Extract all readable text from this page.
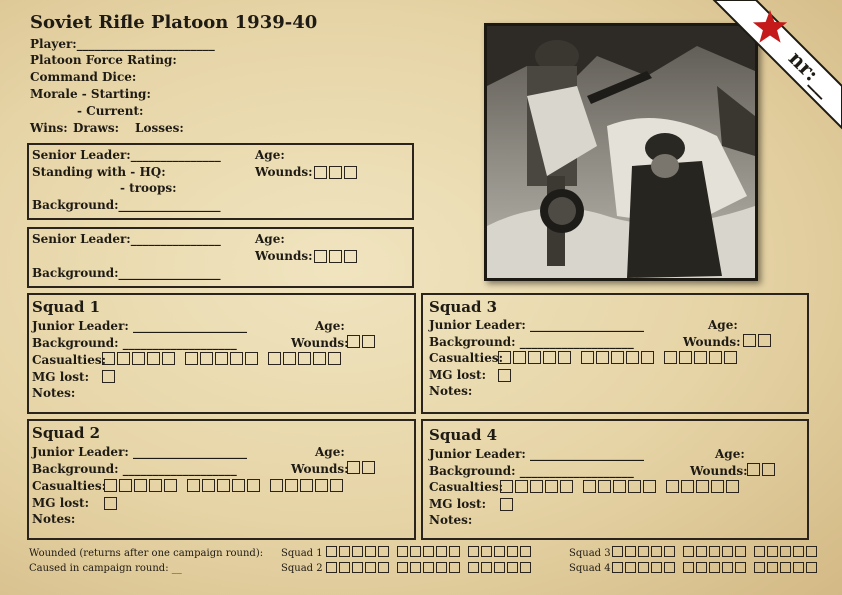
Soviet Rifle Platoon 1939-40
Player:_______________________
Platoon Force Rating:
Command Dice:
Morale - Starting:
- Current:
Wins: Draws: Losses:
nr:__
Senior Leader:_______________	Age:
Standing with - HQ:	Wounds:
- troops:
Background:_________________
Senior Leader:_______________	Age:
Wounds:
Background:_________________
Squad 1
Junior Leader: ___________________	Age:
Background: ___________________	Wounds:
Casualties:
MG lost:
Notes:
Squad 2
Junior Leader: ___________________	Age:
Background: ___________________	Wounds:
Casualties:
MG lost:
Notes:
Squad 3
Junior Leader: ___________________	Age:
Background: ___________________	Wounds:
Casualties:
MG lost:
Notes:
Squad 4
Junior Leader: ___________________	Age:
Background: ___________________	Wounds:
Casualties:
MG lost:
Notes:
Wounded (returns after one campaign round):
Caused in campaign round: __
Squad 1
Squad 2
Squad 3
Squad 4
